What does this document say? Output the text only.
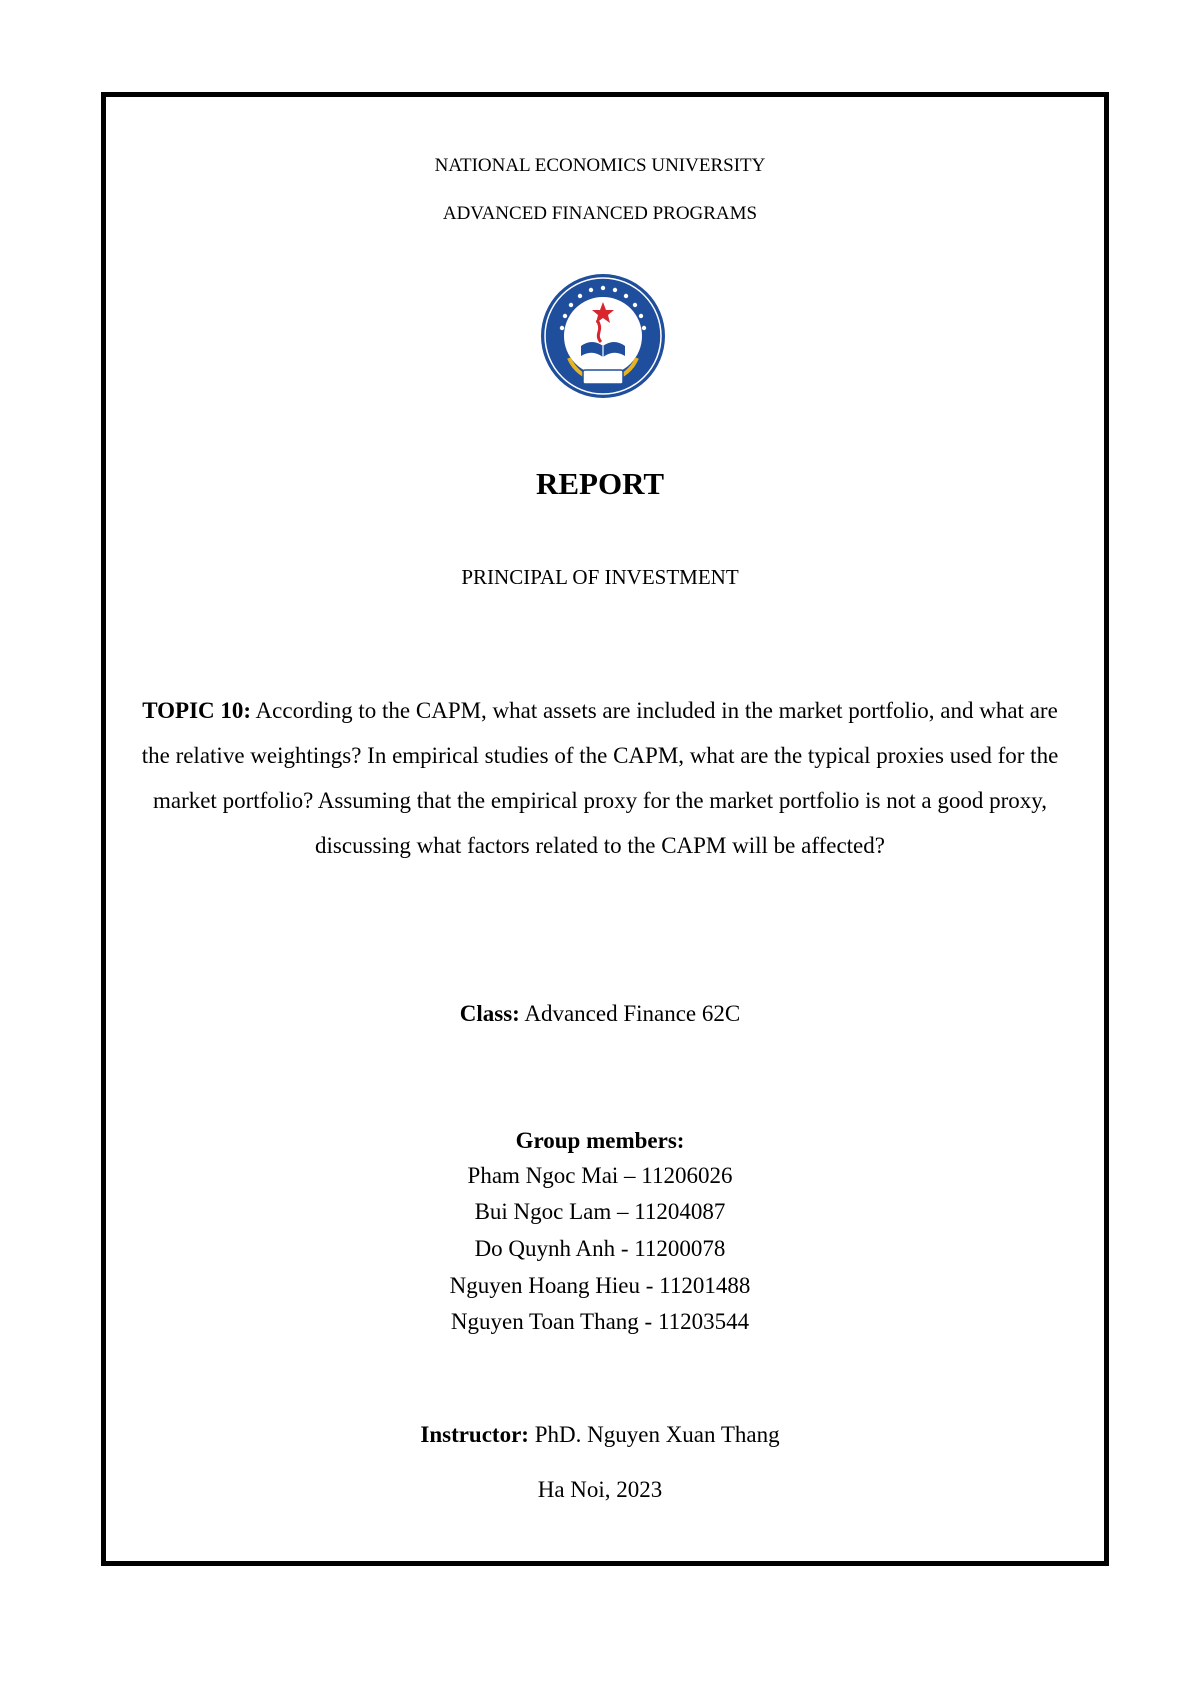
NATIONAL ECONOMICS UNIVERSITY
ADVANCED FINANCED PROGRAMS
REPORT
PRINCIPAL OF INVESTMENT
TOPIC 10: According to the CAPM, what assets are included in the market portfolio, and what are the relative weightings? In empirical studies of the CAPM, what are the typical proxies used for the market portfolio? Assuming that the empirical proxy for the market portfolio is not a good proxy, discussing what factors related to the CAPM will be affected?
Class: Advanced Finance 62C
Group members:
Pham Ngoc Mai – 11206026
Bui Ngoc Lam – 11204087
Do Quynh Anh - 11200078
Nguyen Hoang Hieu - 11201488
Nguyen Toan Thang - 11203544
Instructor: PhD. Nguyen Xuan Thang
Ha Noi, 2023
